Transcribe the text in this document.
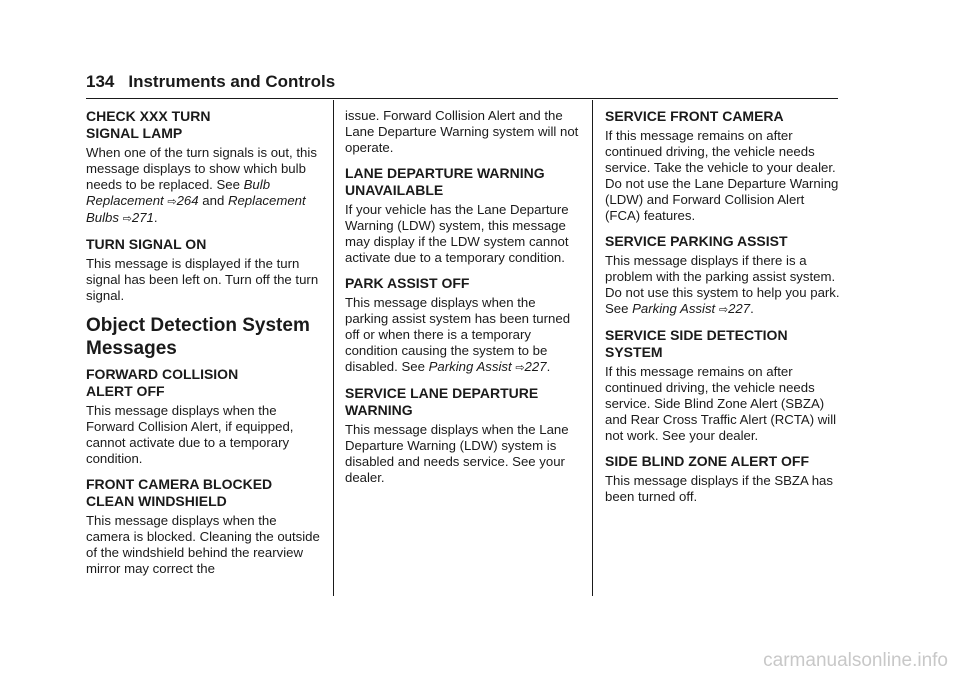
134 Instruments and Controls
CHECK XXX TURN SIGNAL LAMP

When one of the turn signals is out, this message displays to show which bulb needs to be replaced. See Bulb Replacement ⇨264 and Replacement Bulbs ⇨271.

TURN SIGNAL ON

This message is displayed if the turn signal has been left on. Turn off the turn signal.

Object Detection System Messages
FORWARD COLLISION ALERT OFF

This message displays when the Forward Collision Alert, if equipped, cannot activate due to a temporary condition.

FRONT CAMERA BLOCKED CLEAN WINDSHIELD

This message displays when the camera is blocked. Cleaning the outside of the windshield behind the rearview mirror may correct the

issue. Forward Collision Alert and the Lane Departure Warning system will not operate.

LANE DEPARTURE WARNING UNAVAILABLE

If your vehicle has the Lane Departure Warning (LDW) system, this message may display if the LDW system cannot activate due to a temporary condition.

PARK ASSIST OFF

This message displays when the parking assist system has been turned off or when there is a temporary condition causing the system to be disabled. See Parking Assist ⇨227.

SERVICE LANE DEPARTURE WARNING

This message displays when the Lane Departure Warning (LDW) system is disabled and needs service. See your dealer.

SERVICE FRONT CAMERA

If this message remains on after continued driving, the vehicle needs service. Take the vehicle to your dealer. Do not use the Lane Departure Warning (LDW) and Forward Collision Alert (FCA) features.

SERVICE PARKING ASSIST

This message displays if there is a problem with the parking assist system. Do not use this system to help you park. See Parking Assist ⇨227.

SERVICE SIDE DETECTION SYSTEM

If this message remains on after continued driving, the vehicle needs service. Side Blind Zone Alert (SBZA) and Rear Cross Traffic Alert (RCTA) will not work. See your dealer.

SIDE BLIND ZONE ALERT OFF

This message displays if the SBZA has been turned off.

carmanualsonline.info
